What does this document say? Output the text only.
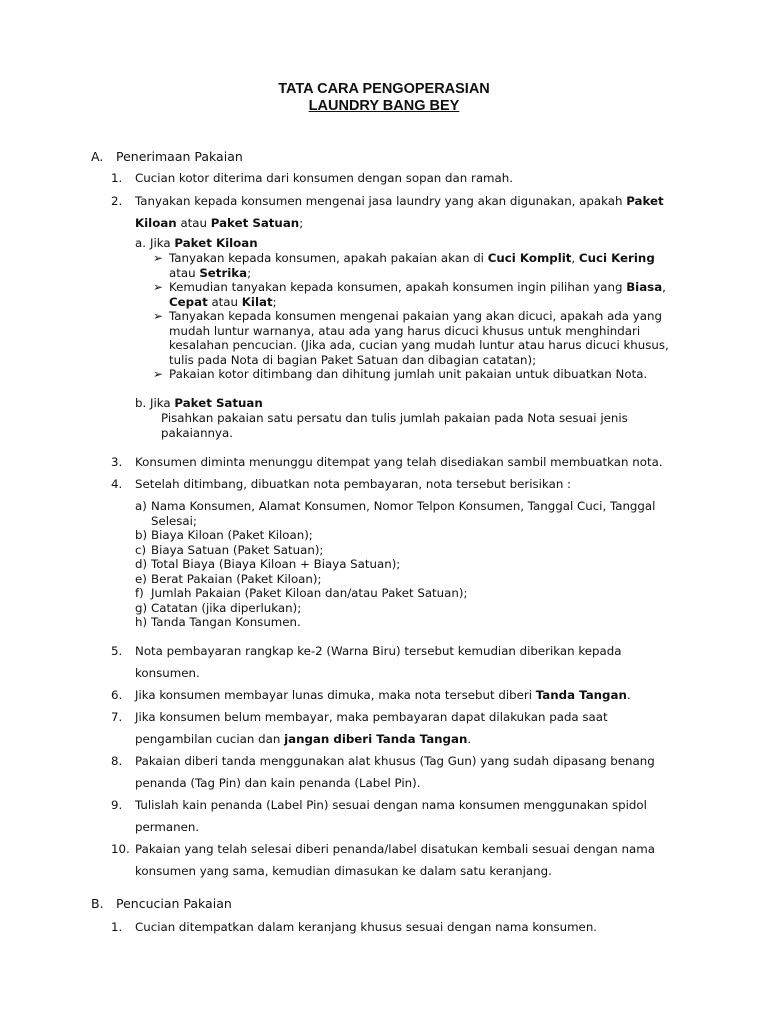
TATA CARA PENGOPERASIAN
LAUNDRY BANG BEY
A. Penerimaan Pakaian
1. Cucian kotor diterima dari konsumen dengan sopan dan ramah.
2. Tanyakan kepada konsumen mengenai jasa laundry yang akan digunakan, apakah Paket Kiloan atau Paket Satuan;
a. Jika Paket Kiloan
➢ Tanyakan kepada konsumen, apakah pakaian akan di Cuci Komplit, Cuci Kering atau Setrika;
➢ Kemudian tanyakan kepada konsumen, apakah konsumen ingin pilihan yang Biasa, Cepat atau Kilat;
➢ Tanyakan kepada konsumen mengenai pakaian yang akan dicuci, apakah ada yang
mudah luntur warnanya, atau ada yang harus dicuci khusus untuk menghindari
kesalahan pencucian. (Jika ada, cucian yang mudah luntur atau harus dicuci khusus,
tulis pada Nota di bagian Paket Satuan dan dibagian catatan);
➢ Pakaian kotor ditimbang dan dihitung jumlah unit pakaian untuk dibuatkan Nota.
b. Jika Paket Satuan
Pisahkan pakaian satu persatu dan tulis jumlah pakaian pada Nota sesuai jenis
pakaiannya.
3. Konsumen diminta menunggu ditempat yang telah disediakan sambil membuatkan nota.
4. Setelah ditimbang, dibuatkan nota pembayaran, nota tersebut berisikan :
a) Nama Konsumen, Alamat Konsumen, Nomor Telpon Konsumen, Tanggal Cuci, Tanggal
Selesai;
b) Biaya Kiloan (Paket Kiloan);
c) Biaya Satuan (Paket Satuan);
d) Total Biaya (Biaya Kiloan + Biaya Satuan);
e) Berat Pakaian (Paket Kiloan);
f) Jumlah Pakaian (Paket Kiloan dan/atau Paket Satuan);
g) Catatan (jika diperlukan);
h) Tanda Tangan Konsumen.
5. Nota pembayaran rangkap ke-2 (Warna Biru) tersebut kemudian diberikan kepada
konsumen.
6. Jika konsumen membayar lunas dimuka, maka nota tersebut diberi Tanda Tangan.
7. Jika konsumen belum membayar, maka pembayaran dapat dilakukan pada saat
pengambilan cucian dan jangan diberi Tanda Tangan.
8. Pakaian diberi tanda menggunakan alat khusus (Tag Gun) yang sudah dipasang benang
penanda (Tag Pin) dan kain penanda (Label Pin).
9. Tulislah kain penanda (Label Pin) sesuai dengan nama konsumen menggunakan spidol
permanen.
10. Pakaian yang telah selesai diberi penanda/label disatukan kembali sesuai dengan nama
konsumen yang sama, kemudian dimasukan ke dalam satu keranjang.
B. Pencucian Pakaian
1. Cucian ditempatkan dalam keranjang khusus sesuai dengan nama konsumen.
